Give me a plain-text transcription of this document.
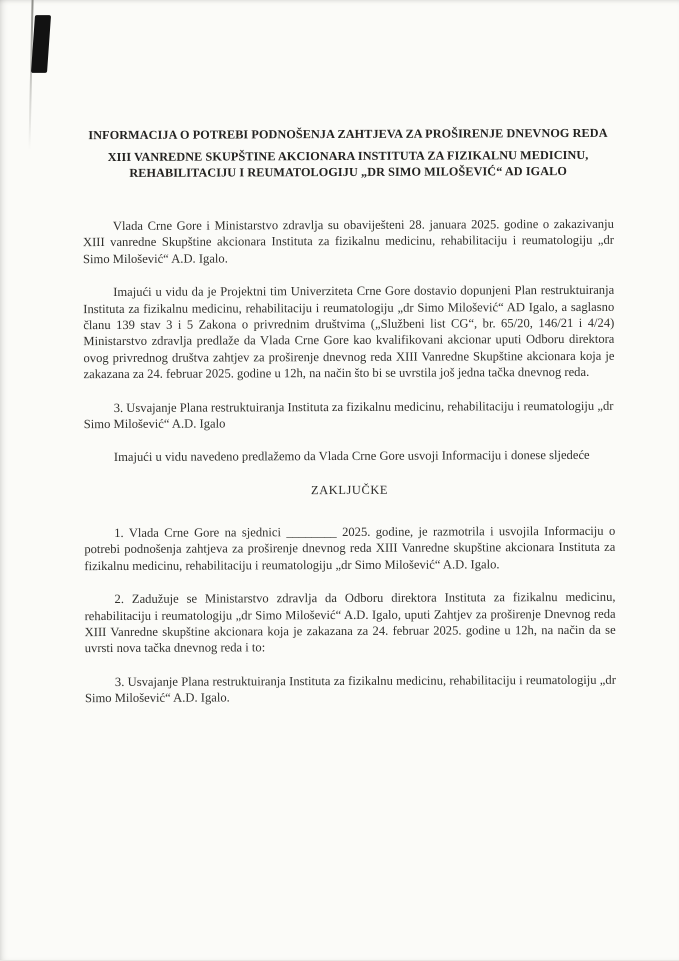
INFORMACIJA O POTREBI PODNOŠENJA ZAHTJEVA ZA PROŠIRENJE DNEVNOG REDA
XIII VANREDNE SKUPŠTINE AKCIONARA INSTITUTA ZA FIZIKALNU MEDICINU,
REHABILITACIJU I REUMATOLOGIJU „DR SIMO MILOŠEVIĆ“ AD IGALO

Vlada Crne Gore i Ministarstvo zdravlja su obaviješteni 28. januara 2025. godine o zakazivanju XIII vanredne Skupštine akcionara Instituta za fizikalnu medicinu, rehabilitaciju i reumatologiju „dr Simo Milošević“ A.D. Igalo.

Imajući u vidu da je Projektni tim Univerziteta Crne Gore dostavio dopunjeni Plan restruktuiranja Instituta za fizikalnu medicinu, rehabilitaciju i reumatologiju „dr Simo Milošević“ AD Igalo, a saglasno članu 139 stav 3 i 5 Zakona o privrednim društvima („Službeni list CG“, br. 65/20, 146/21 i 4/24) Ministarstvo zdravlja predlaže da Vlada Crne Gore kao kvalifikovani akcionar uputi Odboru direktora ovog privrednog društva zahtjev za proširenje dnevnog reda XIII Vanredne Skupštine akcionara koja je zakazana za 24. februar 2025. godine u 12h, na način što bi se uvrstila još jedna tačka dnevnog reda.

3. Usvajanje Plana restruktuiranja Instituta za fizikalnu medicinu, rehabilitaciju i reumatologiju „dr Simo Milošević“ A.D. Igalo

Imajući u vidu navedeno predlažemo da Vlada Crne Gore usvoji Informaciju i donese sljedeće

ZAKLJUČKE

1. Vlada Crne Gore na sjednici ________ 2025. godine, je razmotrila i usvojila Informaciju o potrebi podnošenja zahtjeva za proširenje dnevnog reda XIII Vanredne skupštine akcionara Instituta za fizikalnu medicinu, rehabilitaciju i reumatologiju „dr Simo Milošević“ A.D. Igalo.

2. Zadužuje se Ministarstvo zdravlja da Odboru direktora Instituta za fizikalnu medicinu, rehabilitaciju i reumatologiju „dr Simo Milošević“ A.D. Igalo, uputi Zahtjev za proširenje Dnevnog reda XIII Vanredne skupštine akcionara koja je zakazana za 24. februar 2025. godine u 12h, na način da se uvrsti nova tačka dnevnog reda i to:

3. Usvajanje Plana restruktuiranja Instituta za fizikalnu medicinu, rehabilitaciju i reumatologiju „dr Simo Milošević“ A.D. Igalo.
